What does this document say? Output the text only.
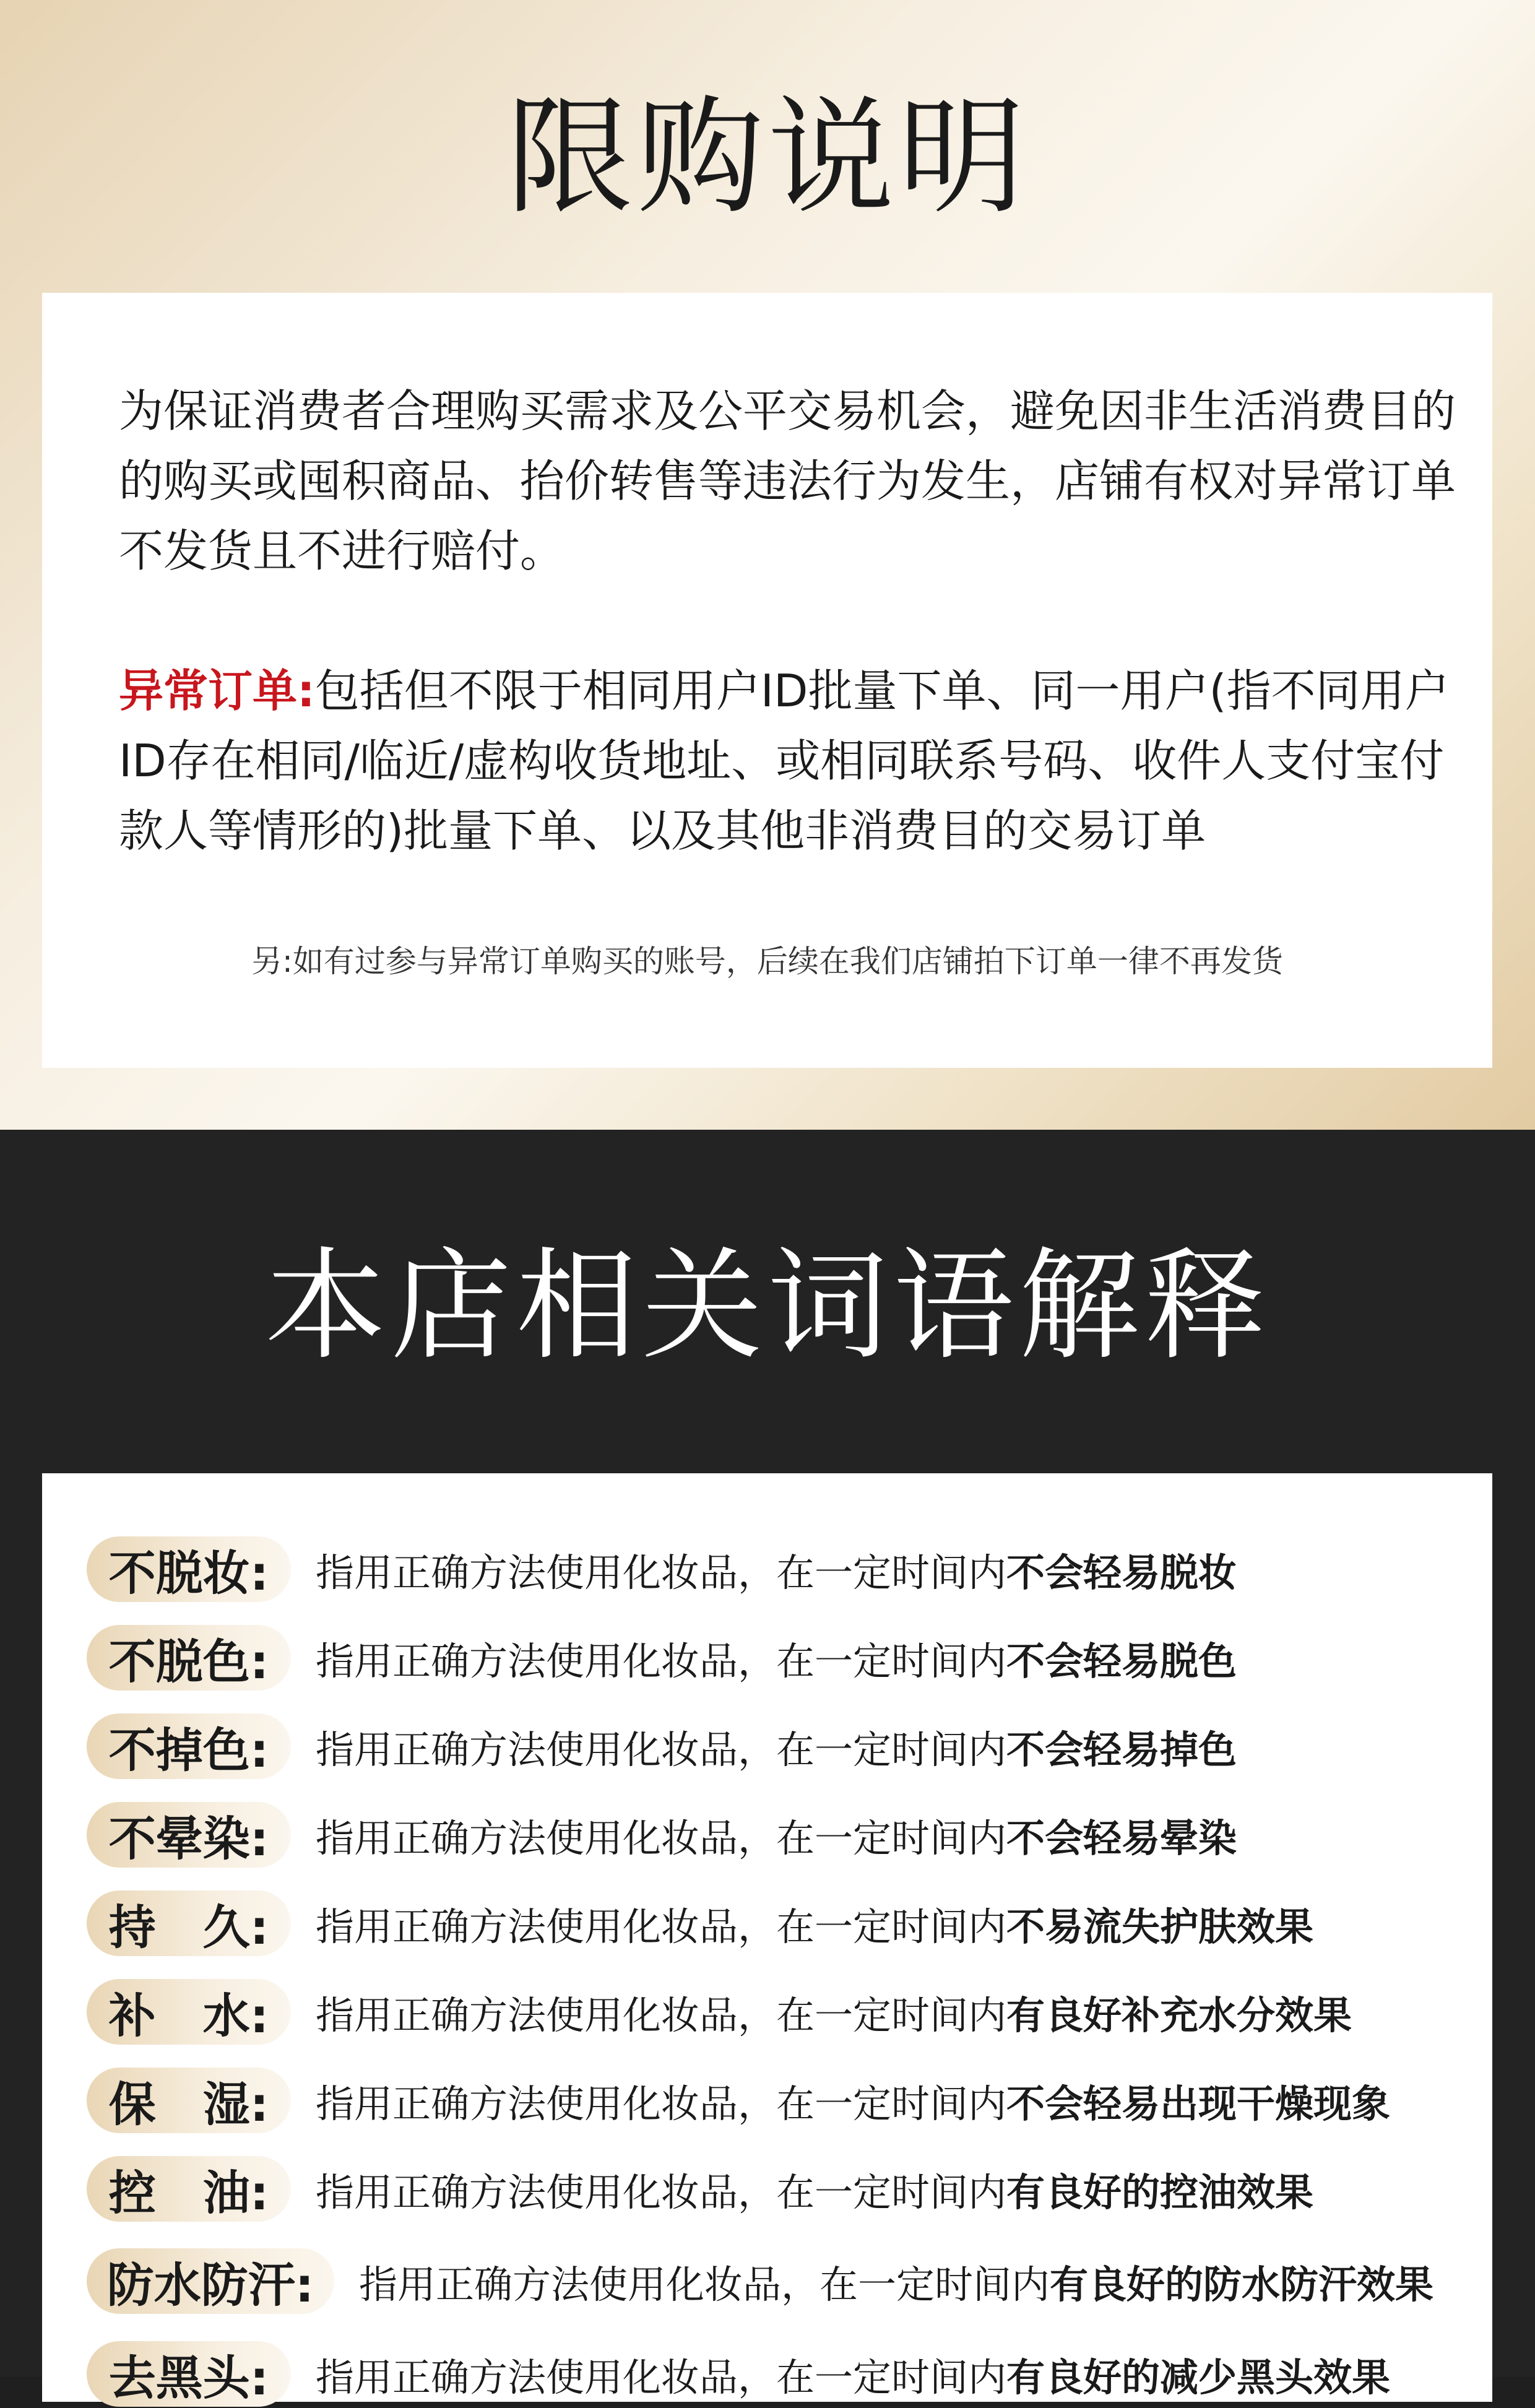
限购说明
为保证消费者合理购买需求及公平交易机会，避免因非生活消费目的的购买或囤积商品、抬价转售等违法行为发生，店铺有权对异常订单不发货且不进行赔付。
异常订单:包括但不限于相同用户ID批量下单、同一用户(指不同用户ID存在相同/临近/虚构收货地址、或相同联系号码、收件人支付宝付款人等情形的)批量下单、以及其他非消费目的交易订单
另:如有过参与异常订单购买的账号，后续在我们店铺拍下订单一律不再发货
本店相关词语解释
不脱妆:	指用正确方法使用化妆品，在一定时间内不会轻易脱妆
不脱色:	指用正确方法使用化妆品，在一定时间内不会轻易脱色
不掉色:	指用正确方法使用化妆品，在一定时间内不会轻易掉色
不晕染:	指用正确方法使用化妆品，在一定时间内不会轻易晕染
持　久:	指用正确方法使用化妆品，在一定时间内不易流失护肤效果
补　水:	指用正确方法使用化妆品，在一定时间内有良好补充水分效果
保　湿:	指用正确方法使用化妆品，在一定时间内不会轻易出现干燥现象
控　油:	指用正确方法使用化妆品，在一定时间内有良好的控油效果
防水防汗:	指用正确方法使用化妆品，在一定时间内有良好的防水防汗效果
去黑头:	指用正确方法使用化妆品，在一定时间内有良好的减少黑头效果
